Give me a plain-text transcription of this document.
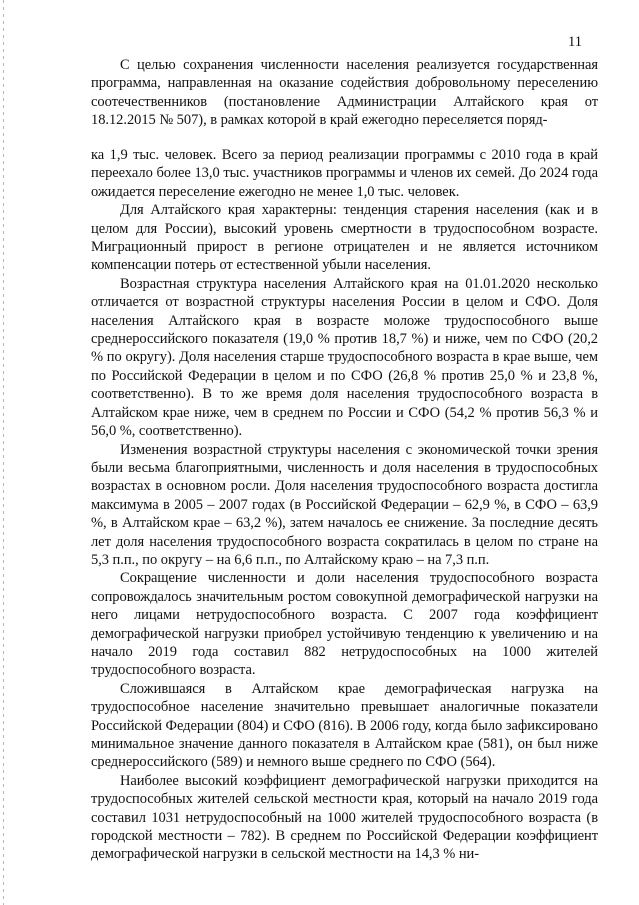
11

С целью сохранения численности населения реализуется государственная программа, направленная на оказание содействия добровольному переселению соотечественников (постановление Администрации Алтайского края от 18.12.2015 № 507), в рамках которой в край ежегодно переселяется поряд-

ка 1,9 тыс. человек. Всего за период реализации программы с 2010 года в край переехало более 13,0 тыс. участников программы и членов их семей. До 2024 года ожидается переселение ежегодно не менее 1,0 тыс. человек.

Для Алтайского края характерны: тенденция старения населения (как и в целом для России), высокий уровень смертности в трудоспособном возрасте. Миграционный прирост в регионе отрицателен и не является источником компенсации потерь от естественной убыли населения.

Возрастная структура населения Алтайского края на 01.01.2020 несколько отличается от возрастной структуры населения России в целом и СФО. Доля населения Алтайского края в возрасте моложе трудоспособного выше среднероссийского показателя (19,0 % против 18,7 %) и ниже, чем по СФО (20,2 % по округу). Доля населения старше трудоспособного возраста в крае выше, чем по Российской Федерации в целом и по СФО (26,8 % против 25,0 % и 23,8 %, соответственно). В то же время доля населения трудоспособного возраста в Алтайском крае ниже, чем в среднем по России и СФО (54,2 % против 56,3 % и 56,0 %, соответственно).

Изменения возрастной структуры населения с экономической точки зрения были весьма благоприятными, численность и доля населения в трудоспособных возрастах в основном росли. Доля населения трудоспособного возраста достигла максимума в 2005 – 2007 годах (в Российской Федерации – 62,9 %, в СФО – 63,9 %, в Алтайском крае – 63,2 %), затем началось ее снижение. За последние десять лет доля населения трудоспособного возраста сократилась в целом по стране на 5,3 п.п., по округу – на 6,6 п.п., по Алтайскому краю – на 7,3 п.п.

Сокращение численности и доли населения трудоспособного возраста сопровождалось значительным ростом совокупной демографической нагрузки на него лицами нетрудоспособного возраста. С 2007 года коэффициент демографической нагрузки приобрел устойчивую тенденцию к увеличению и на начало 2019 года составил 882 нетрудоспособных на 1000 жителей трудоспособного возраста.

Сложившаяся в Алтайском крае демографическая нагрузка на трудоспособное население значительно превышает аналогичные показатели Российской Федерации (804) и СФО (816). В 2006 году, когда было зафиксировано минимальное значение данного показателя в Алтайском крае (581), он был ниже среднероссийского (589) и немного выше среднего по СФО (564).

Наиболее высокий коэффициент демографической нагрузки приходится на трудоспособных жителей сельской местности края, который на начало 2019 года составил 1031 нетрудоспособный на 1000 жителей трудоспособного возраста (в городской местности – 782). В среднем по Российской Федерации коэффициент демографической нагрузки в сельской местности на 14,3 % ни-
